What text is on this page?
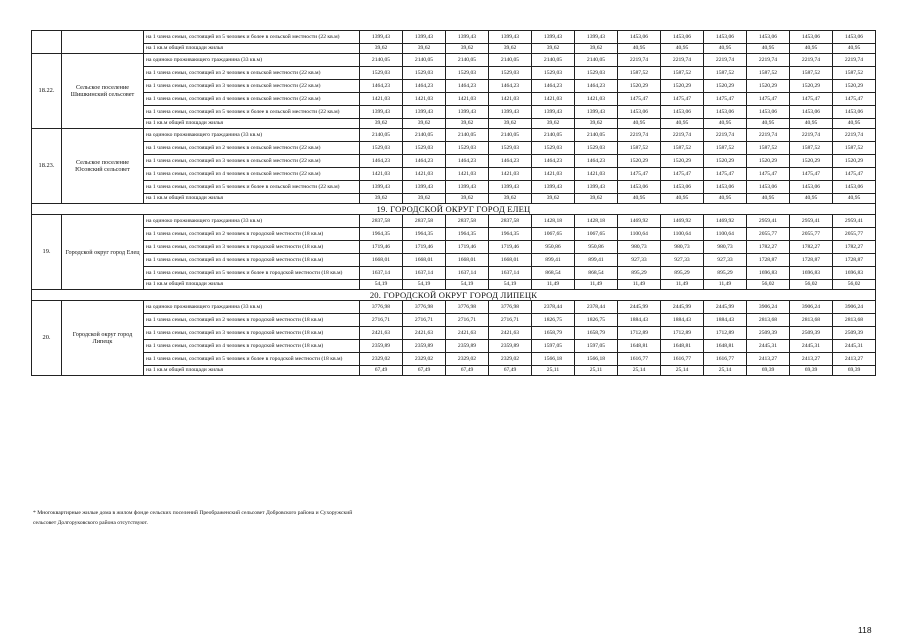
		на 1 члена семьи, состоящей из 5 человек и более в сельской местности (22 кв.м)	1399,43	1399,43	1399,43	1399,43	1399,43	1399,43	1453,06	1453,06	1453,06	1453,06	1453,06	1453,06
		на 1 кв.м общей площади жилья	39,62	39,62	39,62	39,62	39,62	39,62	40,95	40,95	40,95	40,95	40,95	40,95
18.22.	Сельское поселение Шишкинский сельсовет	на одиноко проживающего гражданина (33 кв.м)	2140,05	2140,05	2140,05	2140,05	2140,05	2140,05	2219,74	2219,74	2219,74	2219,74	2219,74	2219,74
		на 1 члена семьи, состоящей из 2 человек в сельской местности (22 кв.м)	1529,03	1529,03	1529,03	1529,03	1529,03	1529,03	1587,52	1587,52	1587,52	1587,52	1587,52	1587,52
		на 1 члена семьи, состоящей из 3 человек в сельской местности (22 кв.м)	1464,23	1464,23	1464,23	1464,23	1464,23	1464,23	1520,29	1520,29	1520,29	1520,29	1520,29	1520,29
		на 1 члена семьи, состоящей из 4 человек в сельской местности (22 кв.м)	1421,03	1421,03	1421,03	1421,03	1421,03	1421,03	1475,47	1475,47	1475,47	1475,47	1475,47	1475,47
		на 1 члена семьи, состоящей из 5 человек и более в сельской местности (22 кв.м)	1399,43	1399,43	1399,43	1399,43	1399,43	1399,43	1453,06	1453,06	1453,06	1453,06	1453,06	1453,06
		на 1 кв.м общей площади жилья	39,62	39,62	39,62	39,62	39,62	39,62	40,95	40,95	40,95	40,95	40,95	40,95
18.23.	Сельское поселение Юсовский сельсовет	на одиноко проживающего гражданина (33 кв.м)	2140,05	2140,05	2140,05	2140,05	2140,05	2140,05	2219,74	2219,74	2219,74	2219,74	2219,74	2219,74
		на 1 члена семьи, состоящей из 2 человек в сельской местности (22 кв.м)	1529,03	1529,03	1529,03	1529,03	1529,03	1529,03	1587,52	1587,52	1587,52	1587,52	1587,52	1587,52
		на 1 члена семьи, состоящей из 3 человек в сельской местности (22 кв.м)	1464,23	1464,23	1464,23	1464,23	1464,23	1464,23	1520,29	1520,29	1520,29	1520,29	1520,29	1520,29
		на 1 члена семьи, состоящей из 4 человек в сельской местности (22 кв.м)	1421,03	1421,03	1421,03	1421,03	1421,03	1421,03	1475,47	1475,47	1475,47	1475,47	1475,47	1475,47
		на 1 члена семьи, состоящей из 5 человек и более в сельской местности (22 кв.м)	1399,43	1399,43	1399,43	1399,43	1399,43	1399,43	1453,06	1453,06	1453,06	1453,06	1453,06	1453,06
		на 1 кв.м общей площади жилья	39,62	39,62	39,62	39,62	39,62	39,62	40,95	40,95	40,95	40,95	40,95	40,95
19. ГОРОДСКОЙ ОКРУГ ГОРОД ЕЛЕЦ														
19.	Городской округ город Елец	на одиноко проживающего гражданина (33 кв.м)	2837,58	2837,58	2837,58	2837,58	1428,18	1428,18	1469,92	1469,92	1469,92	2959,41	2959,41	2959,41
		на 1 члена семьи, состоящей из 2 человек в городской местности (18 кв.м)	1964,35	1964,35	1964,35	1964,35	1067,65	1067,65	1100,64	1100,64	1100,64	2055,77	2055,77	2055,77
		на 1 члена семьи, состоящей из 3 человек в городской местности (18 кв.м)	1719,46	1719,46	1719,46	1719,46	950,86	950,86	980,73	980,73	980,73	1782,27	1782,27	1782,27
		на 1 члена семьи, состоящей из 4 человек в городской местности (18 кв.м)	1668,01	1668,01	1668,01	1668,01	899,41	899,41	927,33	927,33	927,33	1728,87	1728,87	1728,87
		на 1 члена семьи, состоящей из 5 человек и более в городской местности (18 кв.м)	1637,14	1637,14	1637,14	1637,14	868,54	868,54	895,29	895,29	895,29	1696,83	1696,83	1696,83
		на 1 кв.м общей площади жилья	54,19	54,19	54,19	54,19	11,49	11,49	11,49	11,49	11,49	56,02	56,02	56,02
20. ГОРОДСКОЙ ОКРУГ ГОРОД ЛИПЕЦК														
20.	Городской округ город Липецк	на одиноко проживающего гражданина (33 кв.м)	3776,98	3776,98	3776,98	3776,98	2378,44	2378,44	2445,99	2445,99	2445,99	3906,24	3906,24	3906,24
		на 1 члена семьи, состоящей из 2 человек в городской местности (18 кв.м)	2716,71	2716,71	2716,71	2716,71	1826,75	1826,75	1884,43	1884,43	1884,43	2813,68	2813,68	2813,68
		на 1 члена семьи, состоящей из 3 человек в городской местности (18 кв.м)	2421,63	2421,63	2421,63	2421,63	1658,79	1658,79	1712,89	1712,89	1712,89	2509,39	2509,39	2509,39
		на 1 члена семьи, состоящей из 4 человек в городской местности (18 кв.м)	2359,89	2359,89	2359,89	2359,89	1597,05	1597,05	1648,81	1648,81	1648,81	2445,31	2445,31	2445,31
		на 1 члена семьи, состоящей из 5 человек и более в городской местности (18 кв.м)	2329,02	2329,02	2329,02	2329,02	1566,18	1566,18	1616,77	1616,77	1616,77	2413,27	2413,27	2413,27
		на 1 кв.м общей площади жилья	67,49	67,49	67,49	67,49	25,11	25,11	25,14	25,14	25,14	69,39	69,39	69,39
* Многоквартирные жилые дома в жилом фонде сельских поселений Преображенский сельсовет Добровского района и Сухоружский
сельсовет Долгоруковского района отсутствуют.
118
